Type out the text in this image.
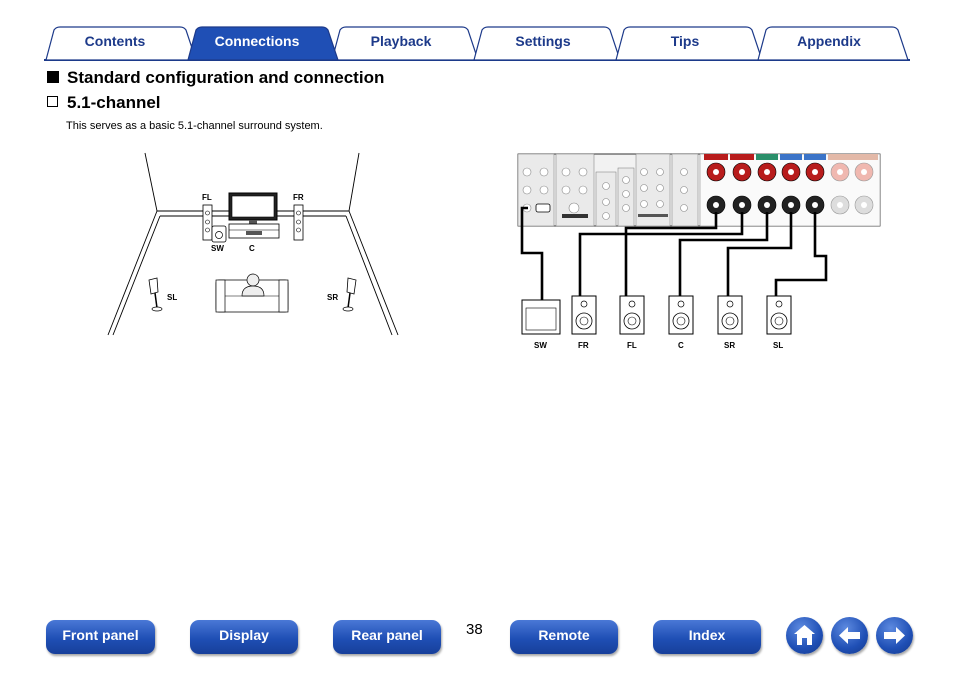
Contents	Connections	Playback	Settings	Tips	Appendix
Standard configuration and connection
5.1-channel
This serves as a basic 5.1-channel surround system.
FL	FR
SW	C
SL	SR
SW	FR	FL	C	SR	SL
Front panel	Display	Rear panel	38	Remote	Index
